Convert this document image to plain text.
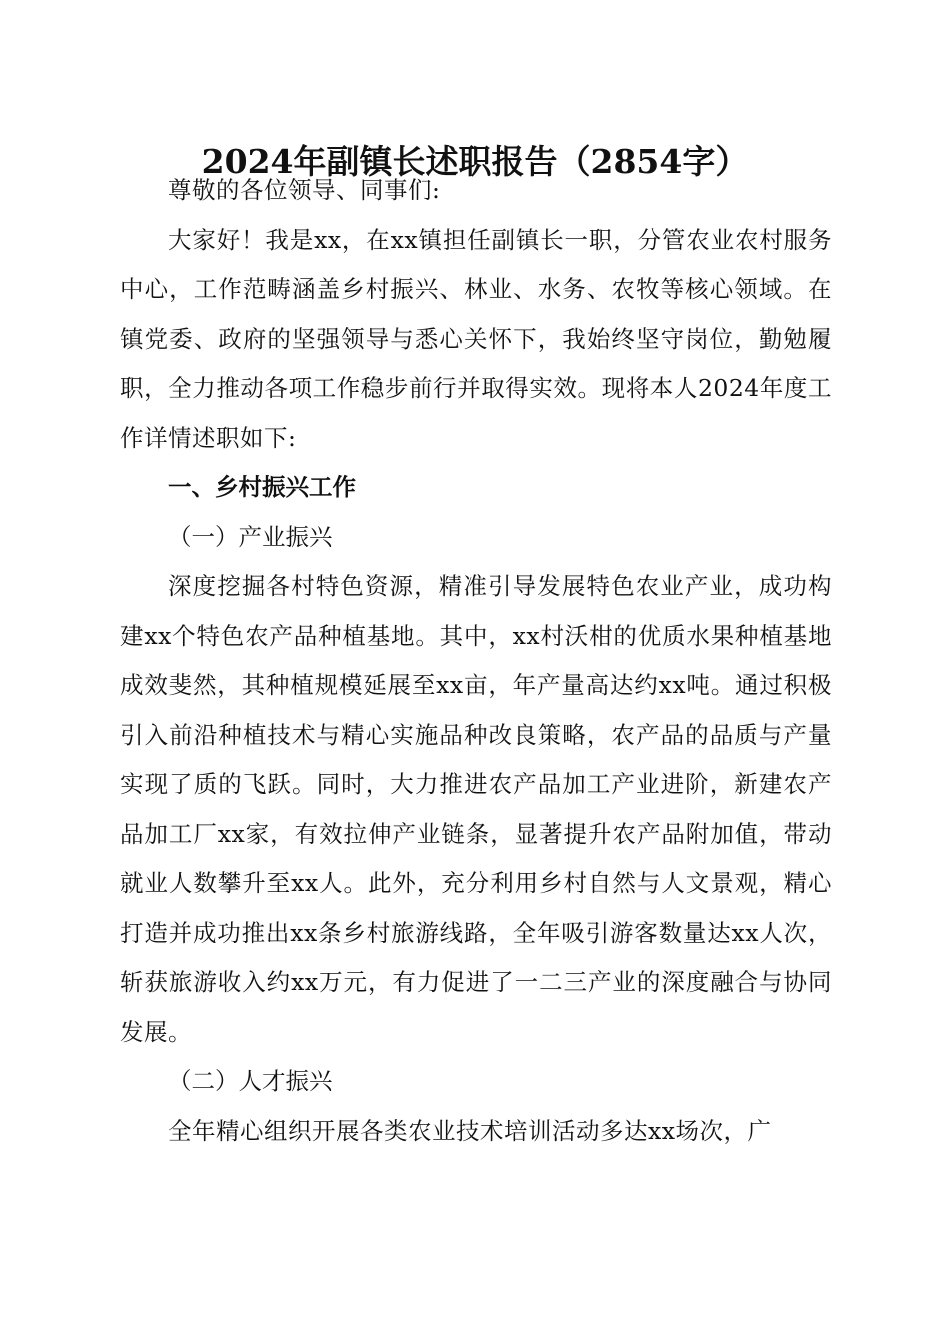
2024年副镇长述职报告（2854字）

尊敬的各位领导、同事们:

大家好！我是xx，在xx镇担任副镇长一职，分管农业农村服务中心，工作范畴涵盖乡村振兴、林业、水务、农牧等核心领域。在镇党委、政府的坚强领导与悉心关怀下，我始终坚守岗位，勤勉履职，全力推动各项工作稳步前行并取得实效。现将本人2024年度工作详情述职如下:

一、乡村振兴工作

（一）产业振兴

深度挖掘各村特色资源，精准引导发展特色农业产业，成功构建xx个特色农产品种植基地。其中，xx村沃柑的优质水果种植基地成效斐然，其种植规模延展至xx亩，年产量高达约xx吨。通过积极引入前沿种植技术与精心实施品种改良策略，农产品的品质与产量实现了质的飞跃。同时，大力推进农产品加工产业进阶，新建农产品加工厂xx家，有效拉伸产业链条，显著提升农产品附加值，带动就业人数攀升至xx人。此外，充分利用乡村自然与人文景观，精心打造并成功推出xx条乡村旅游线路，全年吸引游客数量达xx人次，斩获旅游收入约xx万元，有力促进了一二三产业的深度融合与协同发展。

（二）人才振兴

全年精心组织开展各类农业技术培训活动多达xx场次，广
